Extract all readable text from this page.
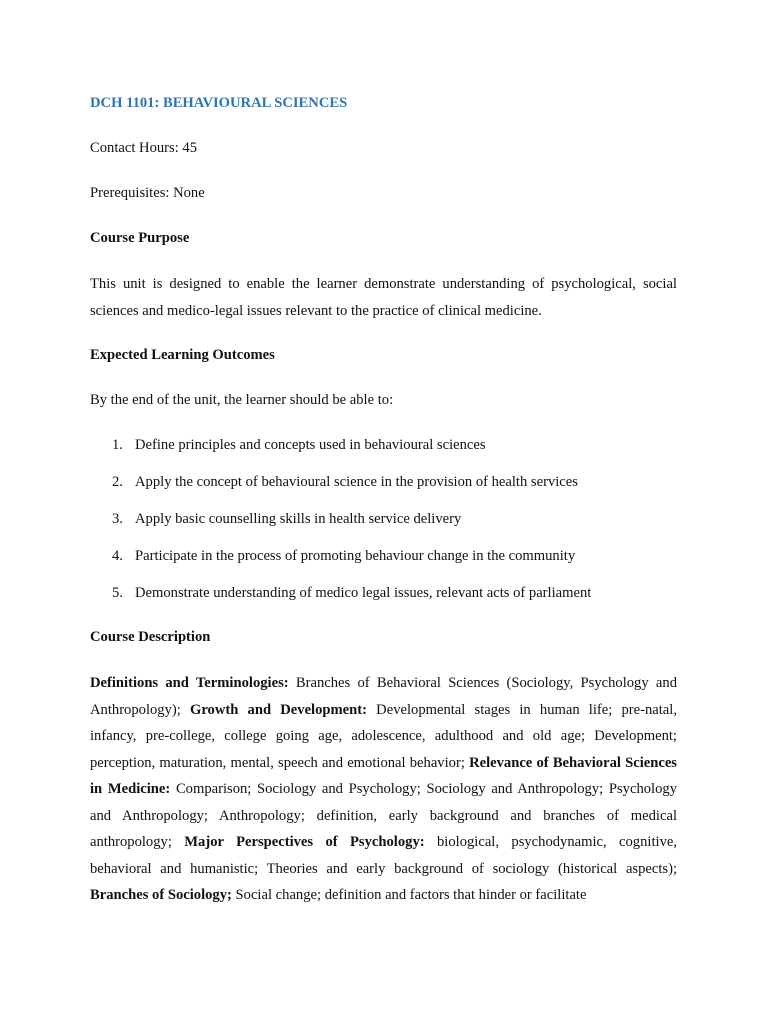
DCH 1101: BEHAVIOURAL SCIENCES

Contact Hours: 45

Prerequisites: None

Course Purpose

This unit is designed to enable the learner demonstrate understanding of psychological, social sciences and medico-legal issues relevant to the practice of clinical medicine.

Expected Learning Outcomes

By the end of the unit, the learner should be able to:

1. Define principles and concepts used in behavioural sciences
2. Apply the concept of behavioural science in the provision of health services
3. Apply basic counselling skills in health service delivery
4. Participate in the process of promoting behaviour change in the community
5. Demonstrate understanding of medico legal issues, relevant acts of parliament

Course Description

Definitions and Terminologies: Branches of Behavioral Sciences (Sociology, Psychology and Anthropology); Growth and Development: Developmental stages in human life; pre-natal, infancy, pre-college, college going age, adolescence, adulthood and old age; Development; perception, maturation, mental, speech and emotional behavior; Relevance of Behavioral Sciences in Medicine: Comparison; Sociology and Psychology; Sociology and Anthropology; Psychology and Anthropology; Anthropology; definition, early background and branches of medical anthropology; Major Perspectives of Psychology: biological, psychodynamic, cognitive, behavioral and humanistic; Theories and early background of sociology (historical aspects); Branches of Sociology; Social change; definition and factors that hinder or facilitate
